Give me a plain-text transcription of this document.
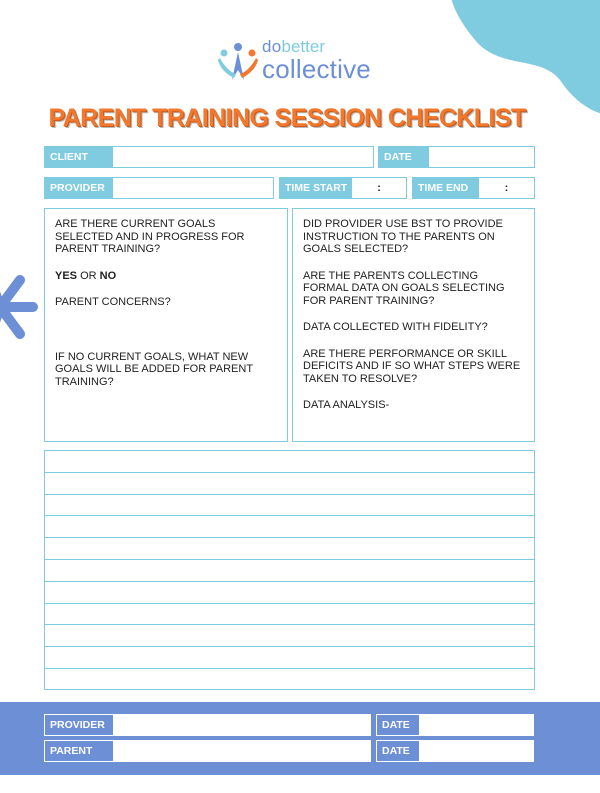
dobetter
collective
PARENT TRAINING SESSION CHECKLIST
CLIENT	DATE
PROVIDER	TIME START	:	TIME END	:

ARE THERE CURRENT GOALS SELECTED AND IN PROGRESS FOR PARENT TRAINING?

YES OR NO

PARENT CONCERNS?

IF NO CURRENT GOALS, WHAT NEW GOALS WILL BE ADDED FOR PARENT TRAINING?

DID PROVIDER USE BST TO PROVIDE INSTRUCTION TO THE PARENTS ON GOALS SELECTED?

ARE THE PARENTS COLLECTING FORMAL DATA ON GOALS SELECTING FOR PARENT TRAINING?

DATA COLLECTED WITH FIDELITY?

ARE THERE PERFORMANCE OR SKILL DEFICITS AND IF SO WHAT STEPS WERE TAKEN TO RESOLVE?

DATA ANALYSIS-

PROVIDER	DATE
PARENT	DATE
